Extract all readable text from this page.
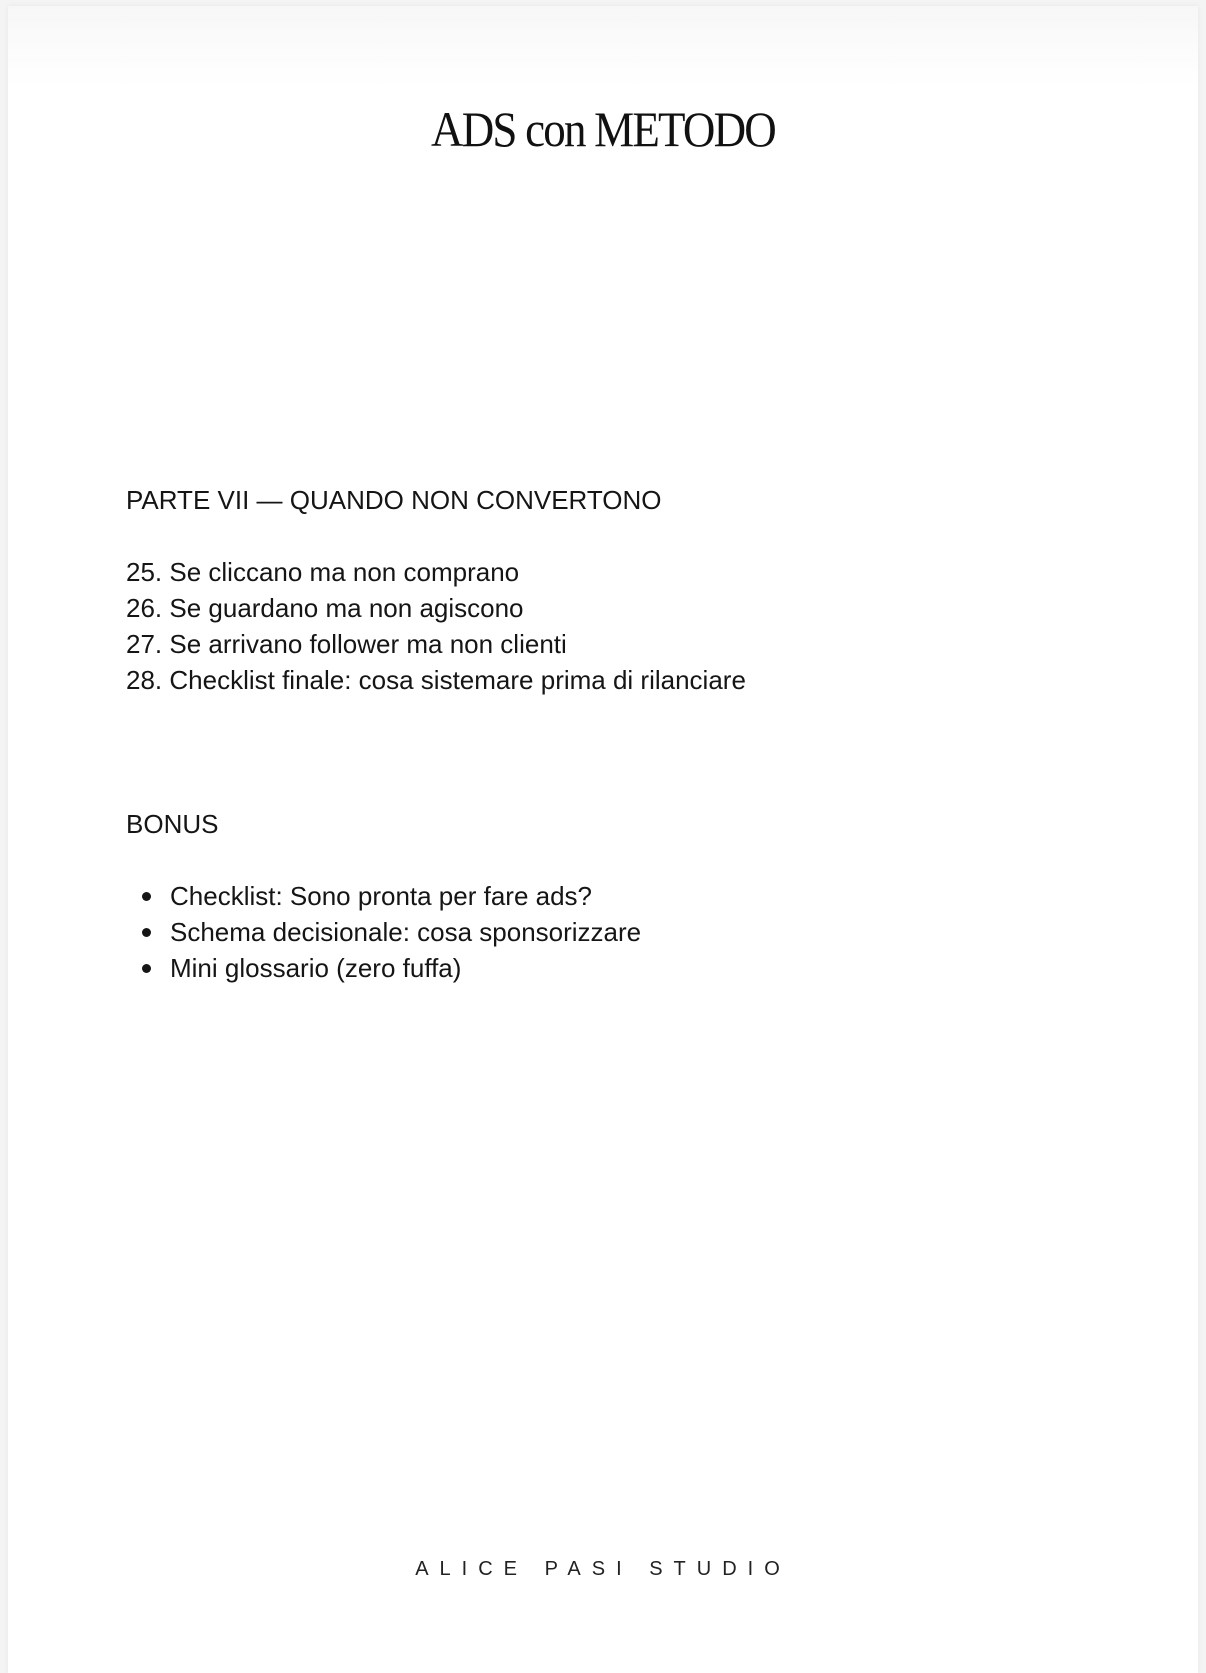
ADS con METODO
PARTE VII — QUANDO NON CONVERTONO
25. Se cliccano ma non comprano
26. Se guardano ma non agiscono
27. Se arrivano follower ma non clienti
28. Checklist finale: cosa sistemare prima di rilanciare
BONUS
Checklist: Sono pronta per fare ads?
Schema decisionale: cosa sponsorizzare
Mini glossario (zero fuffa)
ALICE PASI STUDIO
